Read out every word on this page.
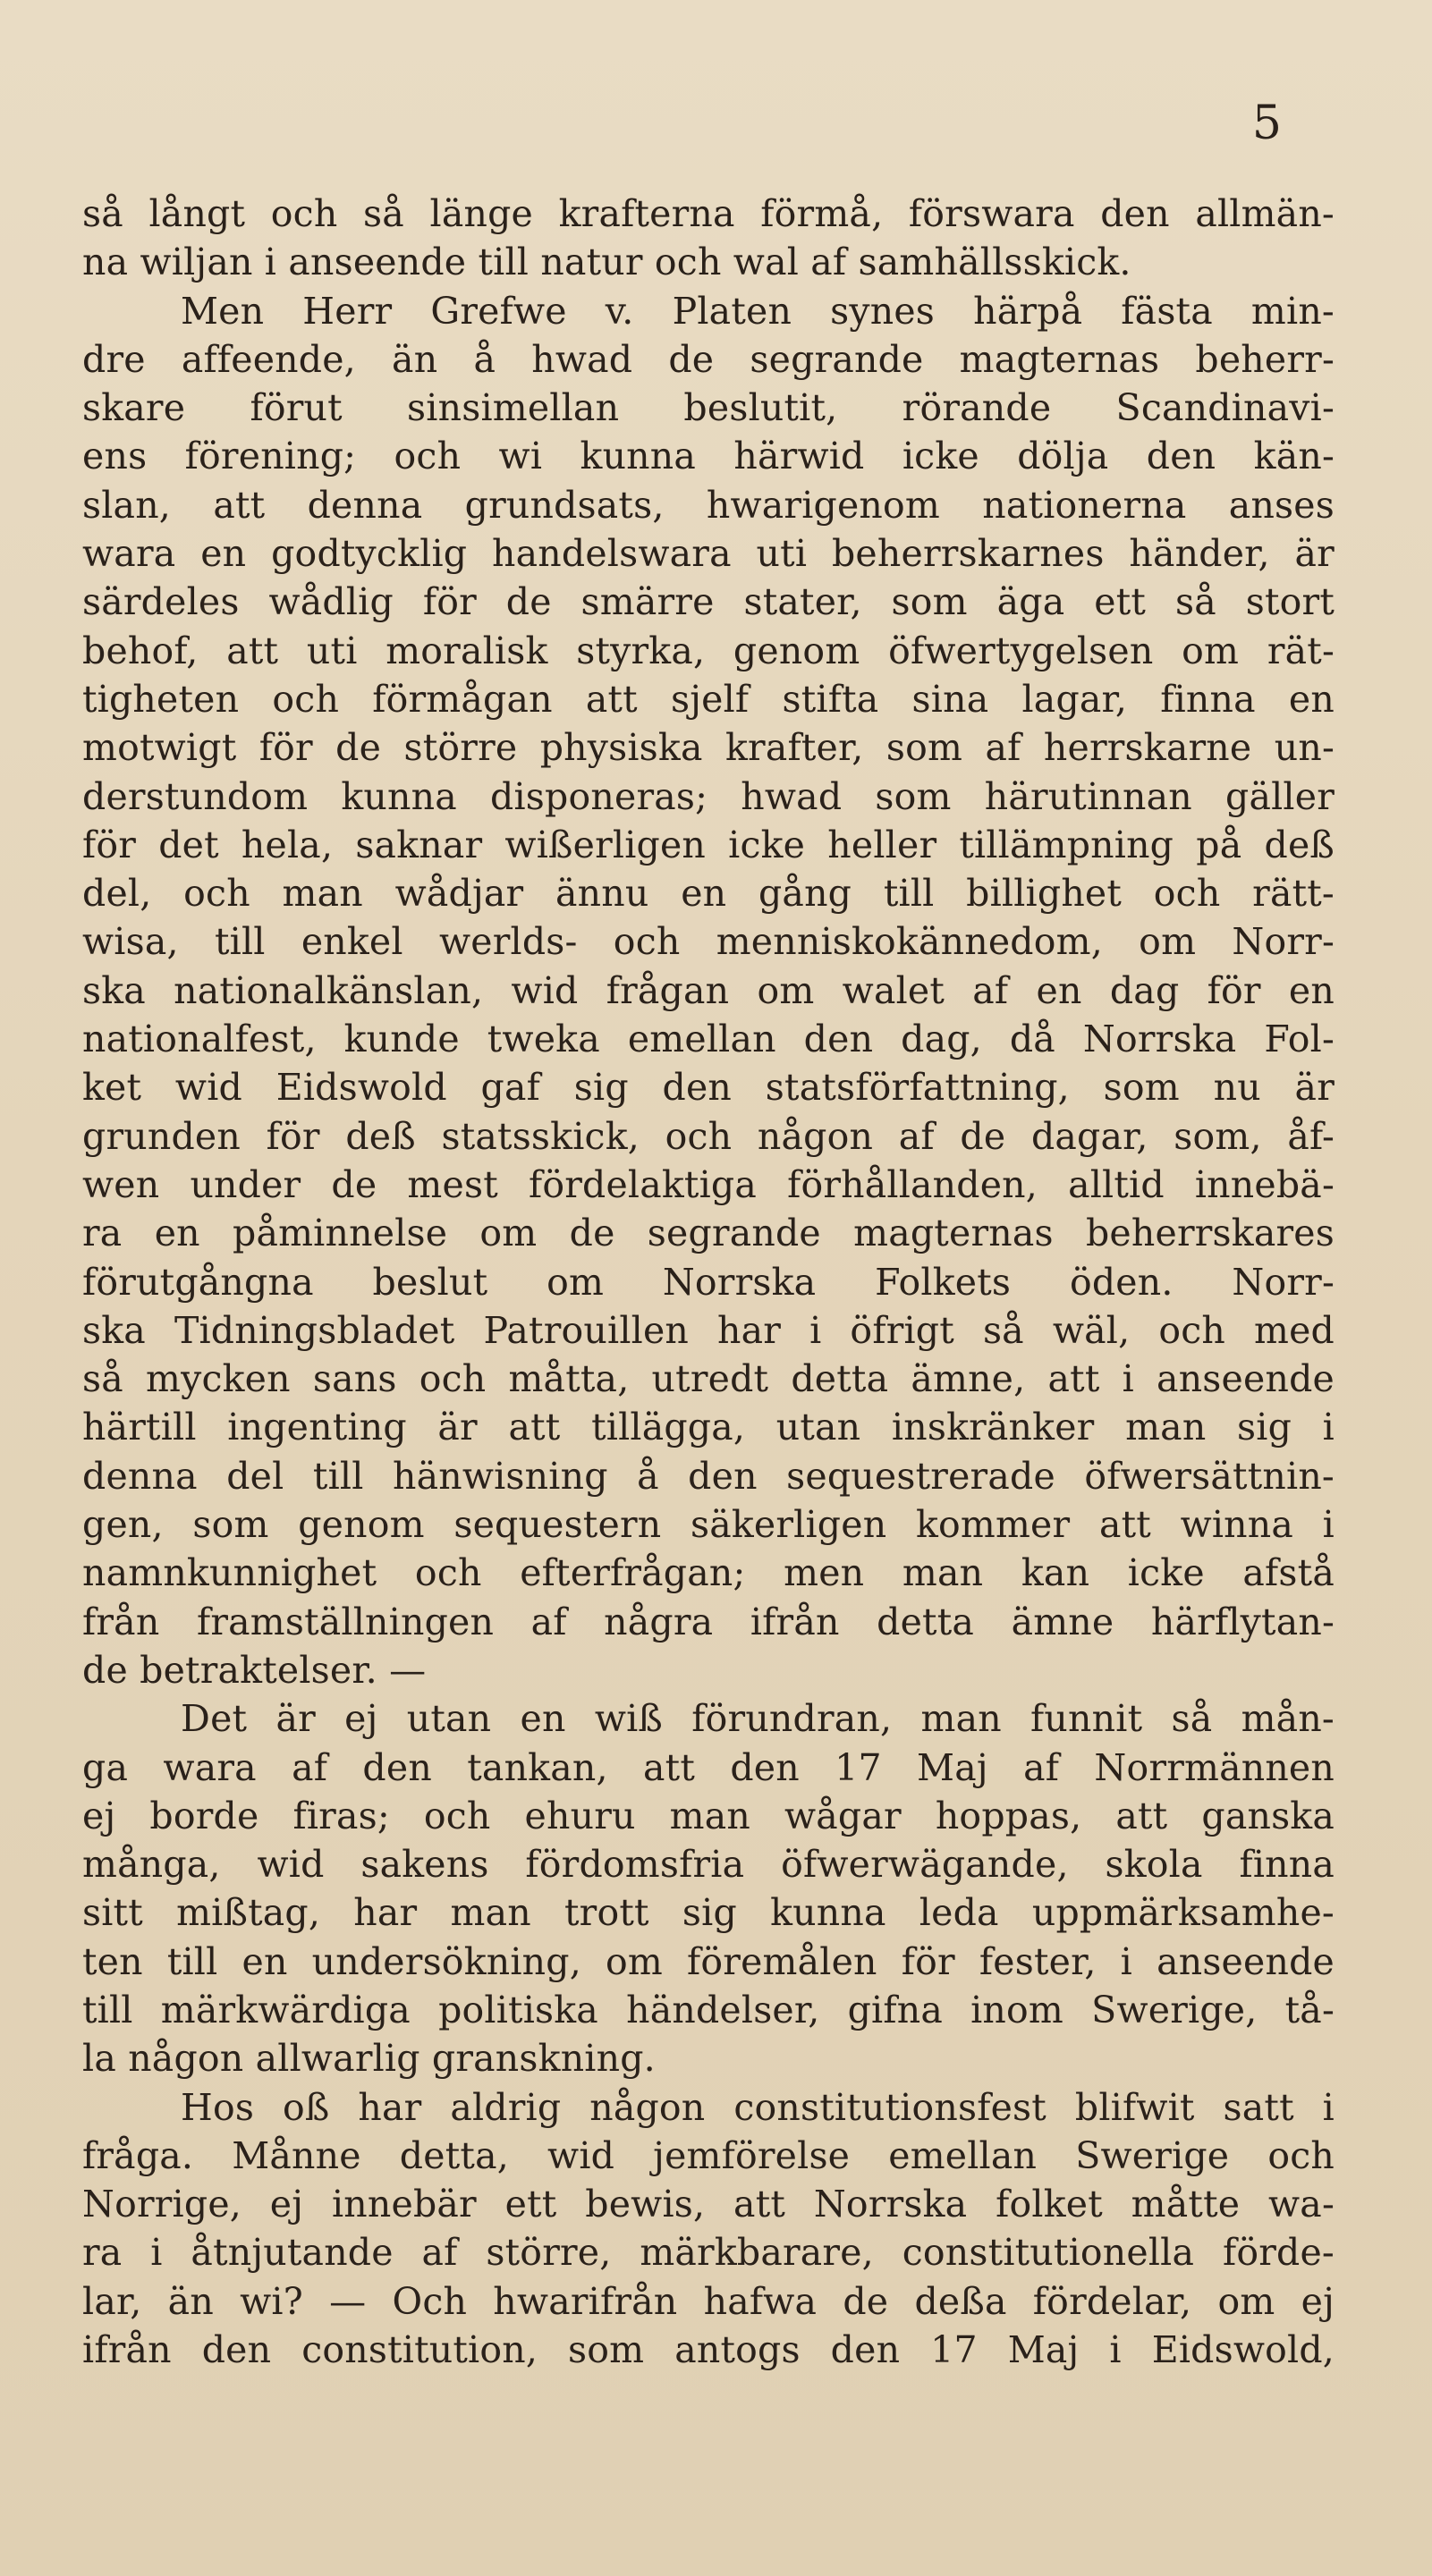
5
så långt och så länge krafterna förmå, förswara den allmän-
na wiljan i anseende till natur och wal af samhällsskick.
Men Herr Grefwe v. Platen synes härpå fästa min-
dre affeende, än å hwad de segrande magternas beherr-
skare förut sinsimellan beslutit, rörande Scandinavi-
ens förening; och wi kunna härwid icke dölja den kän-
slan, att denna grundsats, hwarigenom nationerna anses
wara en godtycklig handelswara uti beherrskarnes händer, är
särdeles wådlig för de smärre stater, som äga ett så stort
behof, att uti moralisk styrka, genom öfwertygelsen om rät-
tigheten och förmågan att sjelf stifta sina lagar, finna en
motwigt för de större physiska krafter, som af herrskarne un-
derstundom kunna disponeras; hwad som härutinnan gäller
för det hela, saknar wißerligen icke heller tillämpning på deß
del, och man wådjar ännu en gång till billighet och rätt-
wisa, till enkel werlds- och menniskokännedom, om Norr-
ska nationalkänslan, wid frågan om walet af en dag för en
nationalfest, kunde tweka emellan den dag, då Norrska Fol-
ket wid Eidswold gaf sig den statsförfattning, som nu är
grunden för deß statsskick, och någon af de dagar, som, åf-
wen under de mest fördelaktiga förhållanden, alltid innebä-
ra en påminnelse om de segrande magternas beherrskares
förutgångna beslut om Norrska Folkets öden. Norr-
ska Tidningsbladet Patrouillen har i öfrigt så wäl, och med
så mycken sans och måtta, utredt detta ämne, att i anseende
härtill ingenting är att tillägga, utan inskränker man sig i
denna del till hänwisning å den sequestrerade öfwersättnin-
gen, som genom sequestern säkerligen kommer att winna i
namnkunnighet och efterfrågan; men man kan icke afstå
från framställningen af några ifrån detta ämne härflytan-
de betraktelser. —
Det är ej utan en wiß förundran, man funnit så mån-
ga wara af den tankan, att den 17 Maj af Norrmännen
ej borde firas; och ehuru man wågar hoppas, att ganska
många, wid sakens fördomsfria öfwerwägande, skola finna
sitt mißtag, har man trott sig kunna leda uppmärksamhe-
ten till en undersökning, om föremålen för fester, i anseende
till märkwärdiga politiska händelser, gifna inom Swerige, tå-
la någon allwarlig granskning.
Hos oß har aldrig någon constitutionsfest blifwit satt i
fråga. Månne detta, wid jemförelse emellan Swerige och
Norrige, ej innebär ett bewis, att Norrska folket måtte wa-
ra i åtnjutande af större, märkbarare, constitutionella förde-
lar, än wi? — Och hwarifrån hafwa de deßa fördelar, om ej
ifrån den constitution, som antogs den 17 Maj i Eidswold,
